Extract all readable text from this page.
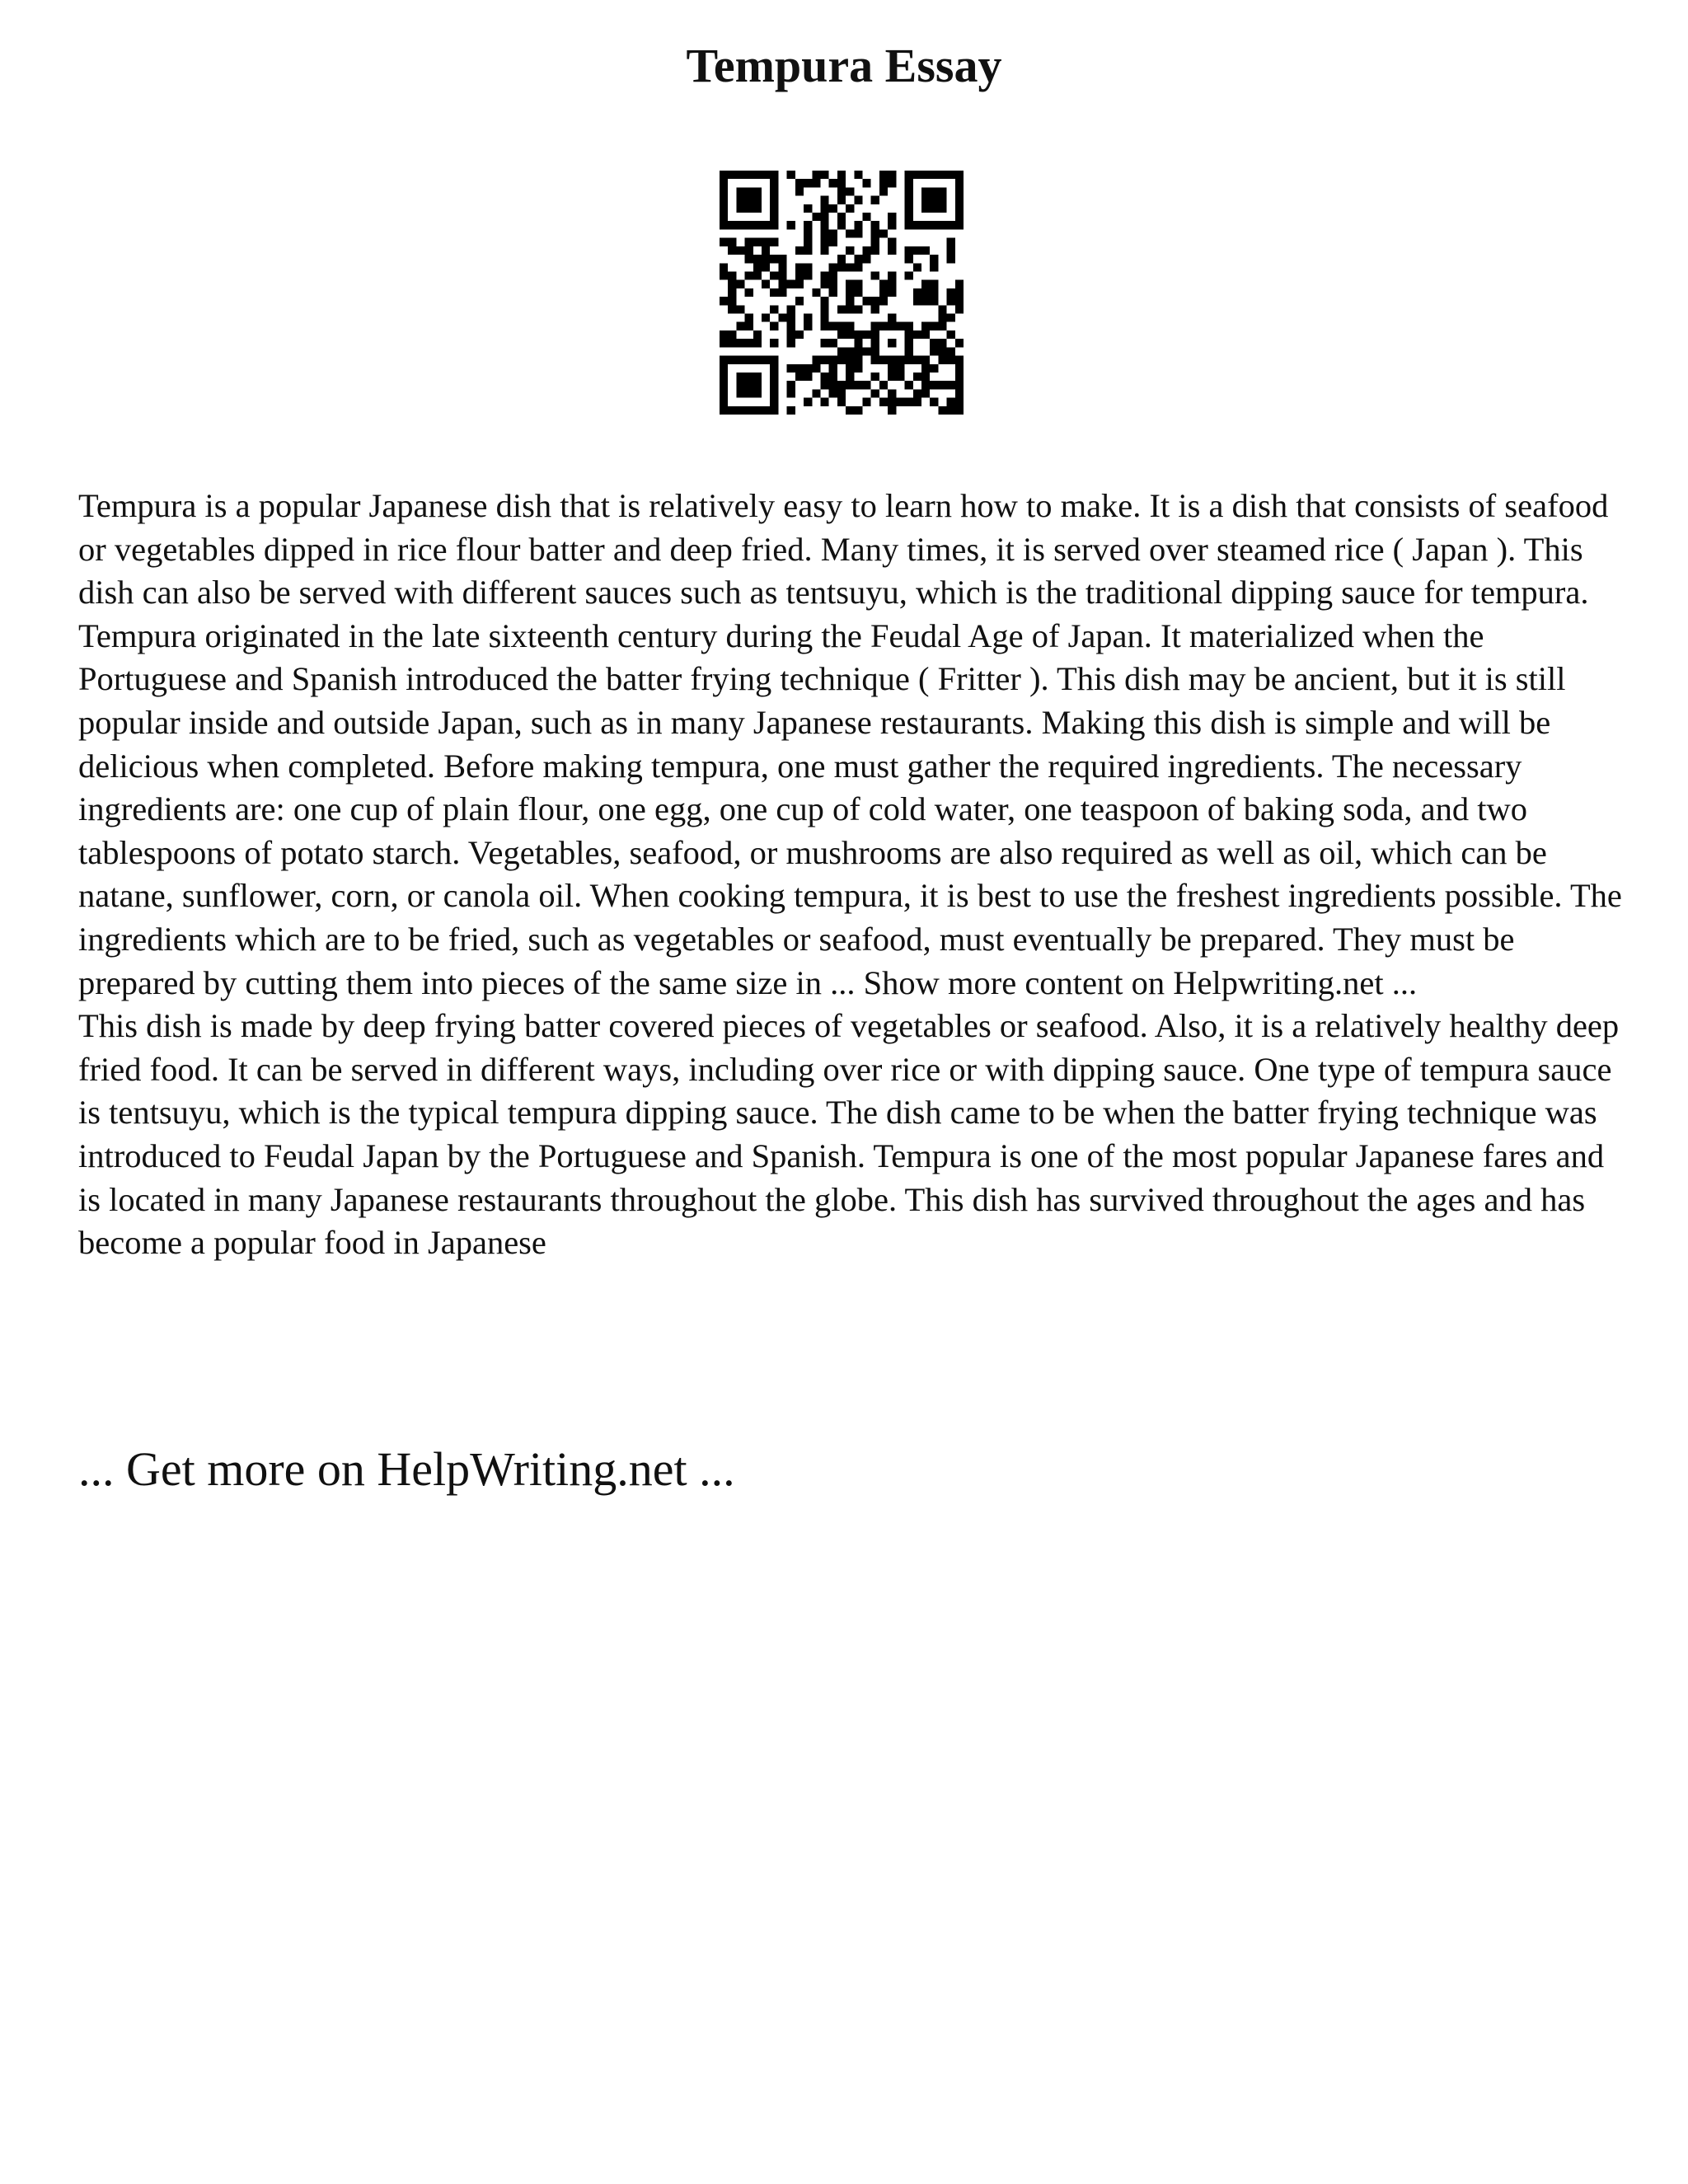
Tempura Essay

Tempura is a popular Japanese dish that is relatively easy to learn how to make. It is a dish that consists of seafood or vegetables dipped in rice flour batter and deep fried. Many times, it is served over steamed rice ( Japan ). This dish can also be served with different sauces such as tentsuyu, which is the traditional dipping sauce for tempura. Tempura originated in the late sixteenth century during the Feudal Age of Japan. It materialized when the Portuguese and Spanish introduced the batter frying technique ( Fritter ). This dish may be ancient, but it is still popular inside and outside Japan, such as in many Japanese restaurants. Making this dish is simple and will be delicious when completed. Before making tempura, one must gather the required ingredients. The necessary ingredients are: one cup of plain flour, one egg, one cup of cold water, one teaspoon of baking soda, and two tablespoons of potato starch. Vegetables, seafood, or mushrooms are also required as well as oil, which can be natane, sunflower, corn, or canola oil. When cooking tempura, it is best to use the freshest ingredients possible. The ingredients which are to be fried, such as vegetables or seafood, must eventually be prepared. They must be prepared by cutting them into pieces of the same size in ... Show more content on Helpwriting.net ...

This dish is made by deep frying batter covered pieces of vegetables or seafood. Also, it is a relatively healthy deep fried food. It can be served in different ways, including over rice or with dipping sauce. One type of tempura sauce is tentsuyu, which is the typical tempura dipping sauce. The dish came to be when the batter frying technique was introduced to Feudal Japan by the Portuguese and Spanish. Tempura is one of the most popular Japanese fares and is located in many Japanese restaurants throughout the globe. This dish has survived throughout the ages and has become a popular food in Japanese

... Get more on HelpWriting.net ...
